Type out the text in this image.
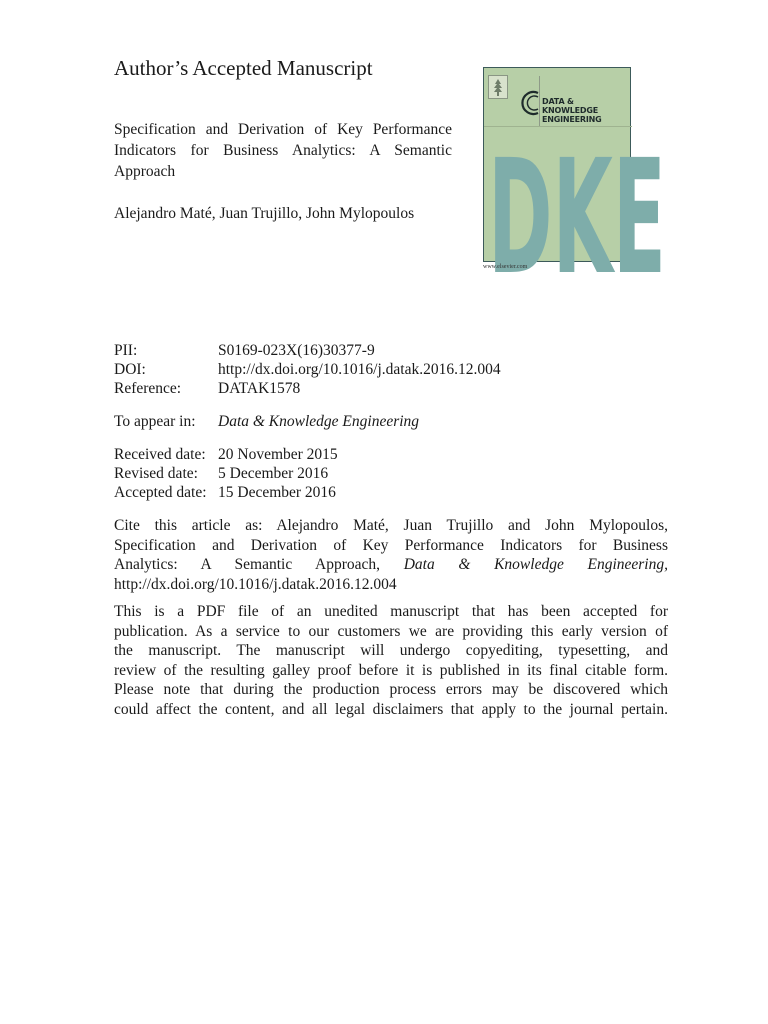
Author’s Accepted Manuscript
Specification and Derivation of Key Performance Indicators for Business Analytics: A Semantic Approach
Alejandro Maté, Juan Trujillo, John Mylopoulos
DATA &
KNOWLEDGE
ENGINEERING
DKE
www.elsevier.com
PII:	S0169-023X(16)30377-9
DOI:	http://dx.doi.org/10.1016/j.datak.2016.12.004
Reference: DATAK1578
To appear in: Data & Knowledge Engineering
Received date: 20 November 2015
Revised date: 5 December 2016
Accepted date: 15 December 2016
Cite this article as: Alejandro Maté, Juan Trujillo and John Mylopoulos,
Specification and Derivation of Key Performance Indicators for Business
Analytics: A Semantic Approach, Data & Knowledge Engineering,
http://dx.doi.org/10.1016/j.datak.2016.12.004
This is a PDF file of an unedited manuscript that has been accepted for
publication. As a service to our customers we are providing this early version of
the manuscript. The manuscript will undergo copyediting, typesetting, and
review of the resulting galley proof before it is published in its final citable form.
Please note that during the production process errors may be discovered which
could affect the content, and all legal disclaimers that apply to the journal pertain.
